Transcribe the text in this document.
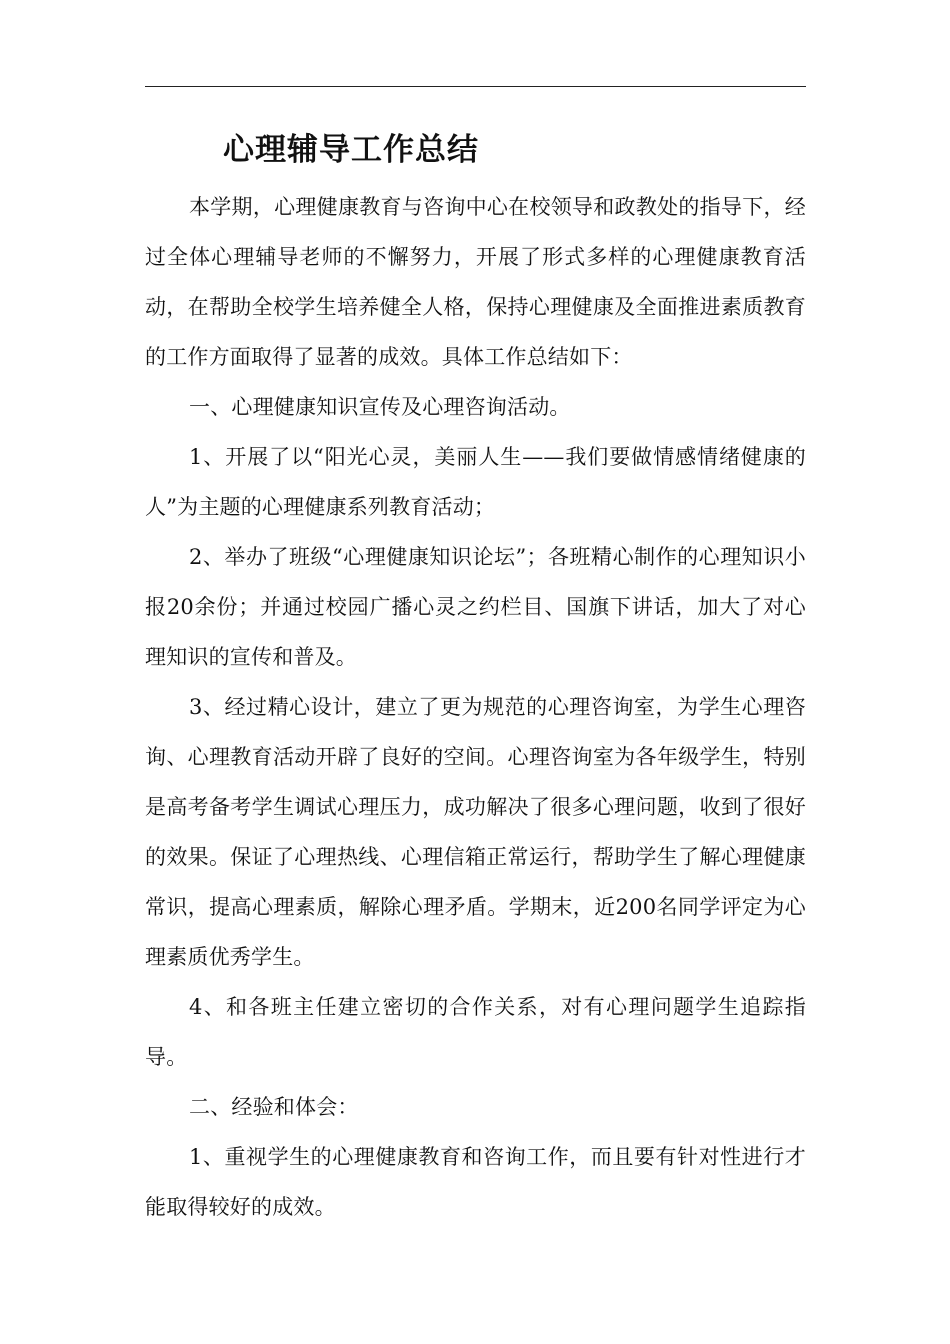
心理辅导工作总结

本学期，心理健康教育与咨询中心在校领导和政教处的指导下，经过全体心理辅导老师的不懈努力，开展了形式多样的心理健康教育活动，在帮助全校学生培养健全人格，保持心理健康及全面推进素质教育的工作方面取得了显著的成效。具体工作总结如下：

一、心理健康知识宣传及心理咨询活动。

1、开展了以“阳光心灵，美丽人生——我们要做情感情绪健康的人”为主题的心理健康系列教育活动；

2、举办了班级“心理健康知识论坛”；各班精心制作的心理知识小报20余份；并通过校园广播心灵之约栏目、国旗下讲话，加大了对心理知识的宣传和普及。

3、经过精心设计，建立了更为规范的心理咨询室，为学生心理咨询、心理教育活动开辟了良好的空间。心理咨询室为各年级学生，特别是高考备考学生调试心理压力，成功解决了很多心理问题，收到了很好的效果。保证了心理热线、心理信箱正常运行，帮助学生了解心理健康常识，提高心理素质，解除心理矛盾。学期末，近200名同学评定为心理素质优秀学生。

4、和各班主任建立密切的合作关系，对有心理问题学生追踪指导。

二、经验和体会：

1、重视学生的心理健康教育和咨询工作，而且要有针对性进行才能取得较好的成效。
